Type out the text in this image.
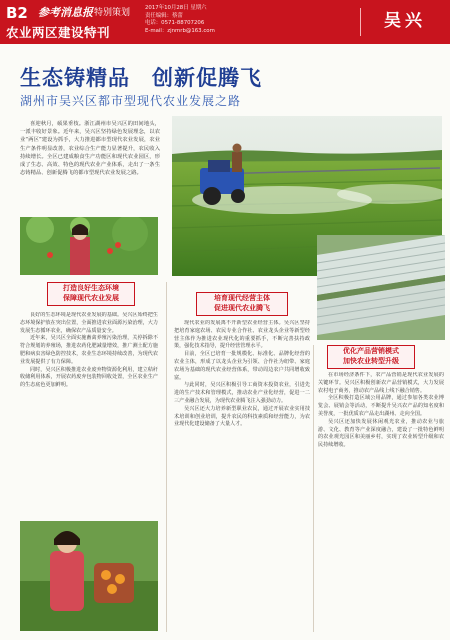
B2 参考消息报 特别策划
农业两区建设特刊
2017年10月28日 星期六
责任编辑：蔡蕾
电话：0571-88707206
E-mail：zjnmrb@163.com	吴兴
生态铸精品　创新促腾飞
湖州市吴兴区都市型现代农业发展之路
喜迎秋月，硕果垂枝。浙江湖州市吴兴区的田间地头，一派丰收好景象。近年来，吴兴区坚持绿色发展理念，以农业“两区”建设为抓手，大力推进都市型现代农业发展，农业生产条件明显改善，农业综合生产能力显著提升，农民收入持续增长。全区已建成粮食生产功能区和现代农业园区，形成了生态、高效、特色的现代农业产业体系，走出了一条生态铸精品、创新促腾飞的都市型现代农业发展之路。
打造良好生态环境
保障现代农业发展

良好的生态环境是现代农业发展的基础。吴兴区始终把生态环境保护放在突出位置，全面推进农业面源污染治理，大力发展生态循环农业，确保农产品质量安全。

近年来，吴兴区全面实施畜禽养殖污染治理，关停拆除不符合规划的养殖场，推进农药化肥减量增效，推广测土配方施肥和病虫害绿色防控技术，农业生态环境持续改善，为现代农业发展提供了有力保障。

同时，吴兴区积极推进农业废弃物资源化利用，建立秸秆收储利用体系，开展农药废弃包装物回收处置，全区农业生产的生态底色更加鲜明。

培育现代经营主体
促进现代农业腾飞

现代农业的发展离不开新型农业经营主体。吴兴区坚持把培育家庭农场、农民专业合作社、农业龙头企业等新型经营主体作为推进农业现代化的重要抓手，不断完善扶持政策，强化技术指导，提升经营管理水平。

目前，全区已培育一批规模化、标准化、品牌化经营的农业主体，形成了以龙头企业为引领、合作社为纽带、家庭农场为基础的现代农业经营体系，带动周边农户共同增收致富。

与此同时，吴兴区积极引导工商资本投资农业，引进先进的生产技术和管理模式，推动农业产业化经营，促进一二三产业融合发展，为现代农业腾飞注入强劲动力。

吴兴区还大力培养新型职业农民，通过开展农业实用技术培训和创业培训，提升农民的科技素质和经营能力，为农业现代化建设储备了大量人才。

优化产品营销模式
加快农业转型升级

在市场经济条件下，农产品营销是现代农业发展的关键环节。吴兴区积极创新农产品营销模式，大力发展农村电子商务，推动农产品线上线下融合销售。

全区积极打造区域公用品牌，通过参加各类农业博览会、展销会等活动，不断提升吴兴农产品的知名度和美誉度，一批优质农产品走出湖州、走向全国。

吴兴区还加快发展休闲观光农业，推动农业与旅游、文化、教育等产业深度融合，建设了一批特色鲜明的农业观光园区和美丽乡村，实现了农业转型升级和农民持续增收。
